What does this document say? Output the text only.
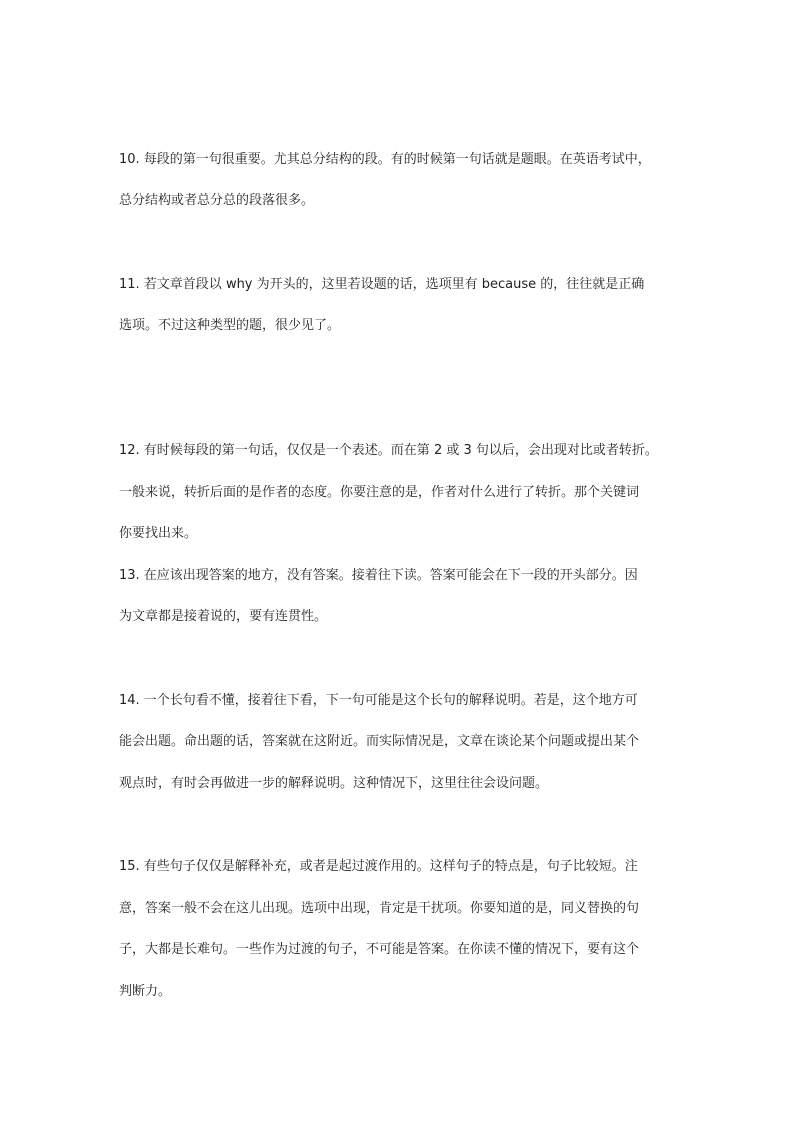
10. 每段的第一句很重要。尤其总分结构的段。有的时候第一句话就是题眼。在英语考试中，
总分结构或者总分总的段落很多。
11. 若文章首段以 why 为开头的，这里若设题的话，选项里有 because 的，往往就是正确
选项。不过这种类型的题，很少见了。
12. 有时候每段的第一句话，仅仅是一个表述。而在第 2 或 3 句以后，会出现对比或者转折。
一般来说，转折后面的是作者的态度。你要注意的是，作者对什么进行了转折。那个关键词
你要找出来。
13. 在应该出现答案的地方，没有答案。接着往下读。答案可能会在下一段的开头部分。因
为文章都是接着说的，要有连贯性。
14. 一个长句看不懂，接着往下看，下一句可能是这个长句的解释说明。若是，这个地方可
能会出题。命出题的话，答案就在这附近。而实际情况是，文章在谈论某个问题或提出某个
观点时，有时会再做进一步的解释说明。这种情况下，这里往往会设问题。
15. 有些句子仅仅是解释补充，或者是起过渡作用的。这样句子的特点是，句子比较短。注
意，答案一般不会在这儿出现。选项中出现，肯定是干扰项。你要知道的是，同义替换的句
子，大都是长难句。一些作为过渡的句子，不可能是答案。在你读不懂的情况下，要有这个
判断力。
